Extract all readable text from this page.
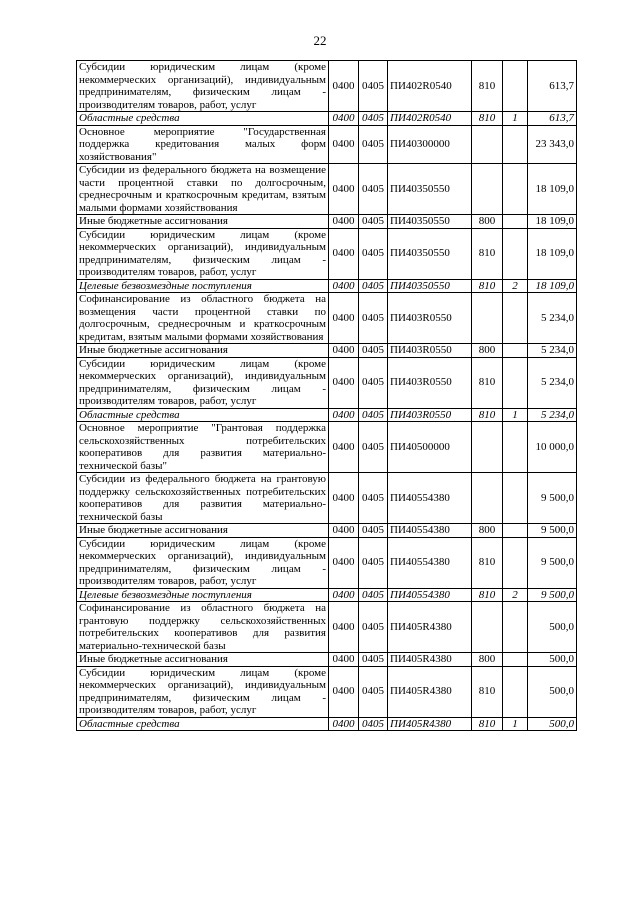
22
Субсидии юридическим лицам (кроме некоммерческих организаций), индивидуальным предпринимателям, физическим лицам - производителям товаров, работ, услуг	0400	0405	ПИ402R0540	810		613,7
Областные средства	0400	0405	ПИ402R0540	810	1	613,7
Основное мероприятие "Государственная поддержка кредитования малых форм хозяйствования"	0400	0405	ПИ40300000			23 343,0
Субсидии из федерального бюджета на возмещение части процентной ставки по долгосрочным, среднесрочным и краткосрочным кредитам, взятым малыми формами хозяйствования	0400	0405	ПИ40350550			18 109,0
Иные бюджетные ассигнования	0400	0405	ПИ40350550	800		18 109,0
Субсидии юридическим лицам (кроме некоммерческих организаций), индивидуальным предпринимателям, физическим лицам - производителям товаров, работ, услуг	0400	0405	ПИ40350550	810		18 109,0
Целевые безвозмездные поступления	0400	0405	ПИ40350550	810	2	18 109,0
Софинансирование из областного бюджета на возмещения части процентной ставки по долгосрочным, среднесрочным и краткосрочным кредитам, взятым малыми формами хозяйствования	0400	0405	ПИ403R0550			5 234,0
Иные бюджетные ассигнования	0400	0405	ПИ403R0550	800		5 234,0
Субсидии юридическим лицам (кроме некоммерческих организаций), индивидуальным предпринимателям, физическим лицам - производителям товаров, работ, услуг	0400	0405	ПИ403R0550	810		5 234,0
Областные средства	0400	0405	ПИ403R0550	810	1	5 234,0
Основное мероприятие "Грантовая поддержка сельскохозяйственных потребительских кооперативов для развития материально-технической базы"	0400	0405	ПИ40500000			10 000,0
Субсидии из федерального бюджета на грантовую поддержку сельскохозяйственных потребительских кооперативов для развития материально-технической базы	0400	0405	ПИ40554380			9 500,0
Иные бюджетные ассигнования	0400	0405	ПИ40554380	800		9 500,0
Субсидии юридическим лицам (кроме некоммерческих организаций), индивидуальным предпринимателям, физическим лицам - производителям товаров, работ, услуг	0400	0405	ПИ40554380	810		9 500,0
Целевые безвозмездные поступления	0400	0405	ПИ40554380	810	2	9 500,0
Софинансирование из областного бюджета на грантовую поддержку сельскохозяйственных потребительских кооперативов для развития материально-технической базы	0400	0405	ПИ405R4380			500,0
Иные бюджетные ассигнования	0400	0405	ПИ405R4380	800		500,0
Субсидии юридическим лицам (кроме некоммерческих организаций), индивидуальным предпринимателям, физическим лицам - производителям товаров, работ, услуг	0400	0405	ПИ405R4380	810		500,0
Областные средства	0400	0405	ПИ405R4380	810	1	500,0
